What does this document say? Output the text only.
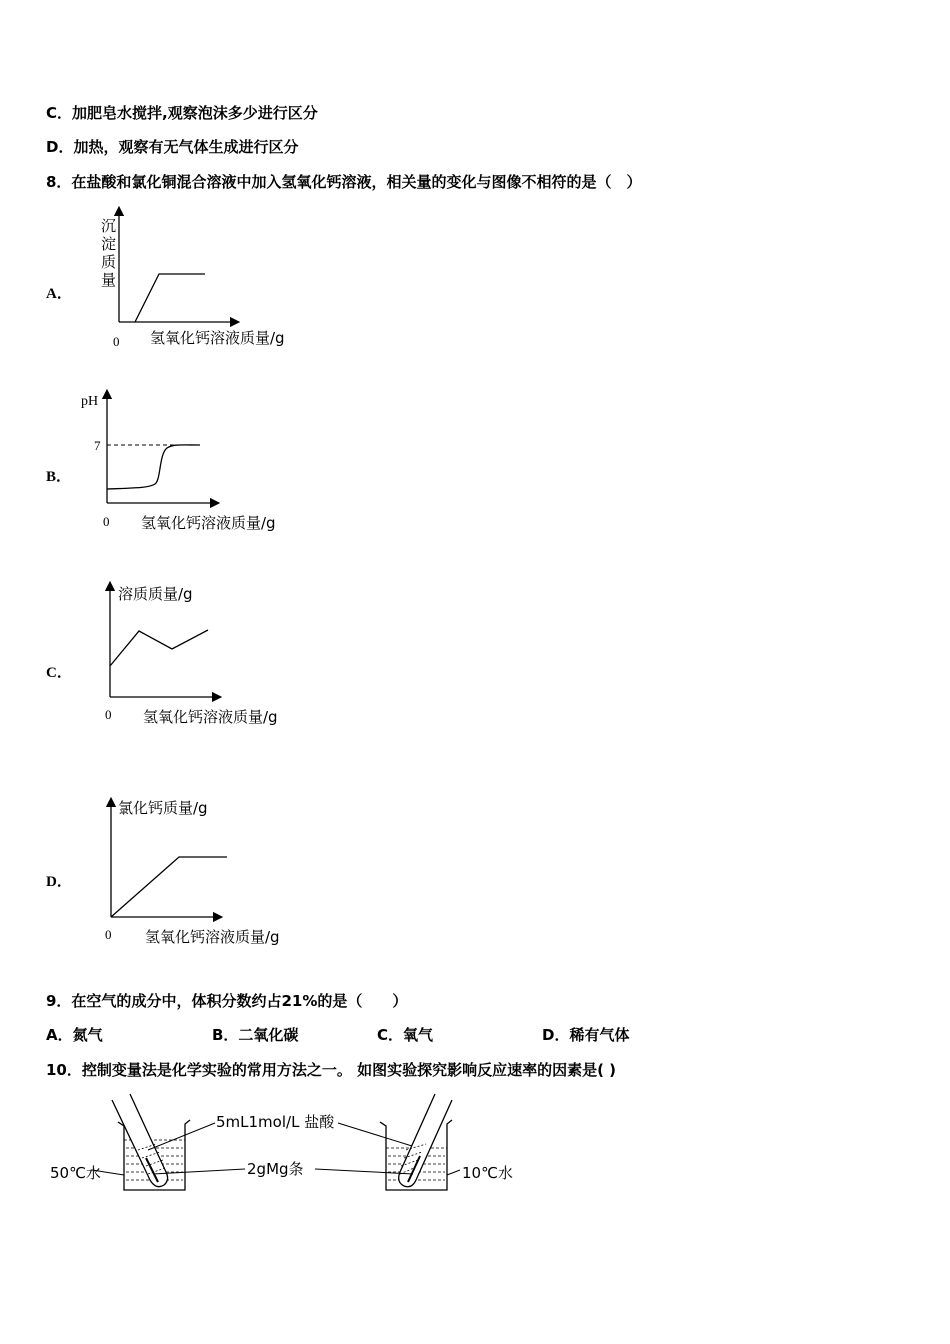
C．加肥皂水搅拌,观察泡沫多少进行区分
D．加热，观察有无气体生成进行区分
8．在盐酸和氯化铜混合溶液中加入氢氧化钙溶液，相关量的变化与图像不相符的是（　）
A．
沉
淀
质
量
0 氢氧化钙溶液质量/g
B．
pH
7
0 氢氧化钙溶液质量/g
C．
溶质质量/g
0 氢氧化钙溶液质量/g
D．
氯化钙质量/g
0 氢氧化钙溶液质量/g
9．在空气的成分中，体积分数约占21%的是（　　）
A．氮气	B．二氧化碳	C．氧气	D．稀有气体
10．控制变量法是化学实验的常用方法之一。 如图实验探究影响反应速率的因素是( )
5mL1mol/L 盐酸
2gMg条
50℃水	10℃水
